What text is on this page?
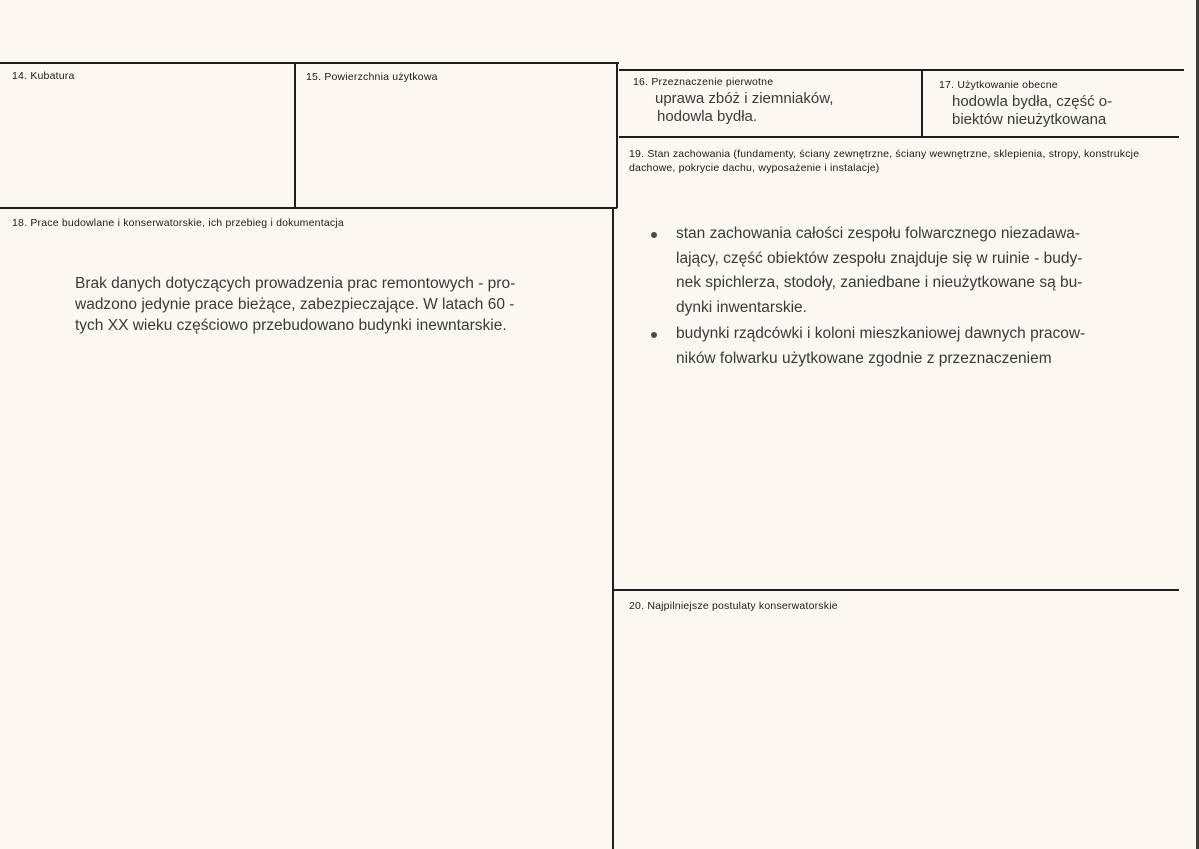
14. Kubatura	15. Powierzchnia użytkowa	16. Przeznaczenie pierwotne
uprawa zbóż i ziemniaków,
hodowla bydła.
17. Użytkowanie obecne
hodowla bydła, część o-
biektów nieużytkowana
19. Stan zachowania (fundamenty, ściany zewnętrzne, ściany wewnętrzne, sklepienia, stropy, konstrukcje dachowe, pokrycie dachu, wyposażenie i instalacje)
stan zachowania całości zespołu folwarcznego niezadawa-
lający, część obiektów zespołu znajduje się w ruinie - budy-
nek spichlerza, stodoły, zaniedbane i nieużytkowane są bu-
dynki inwentarskie.
budynki rządcówki i koloni mieszkaniowej dawnych pracow-
ników folwarku użytkowane zgodnie z przeznaczeniem
18. Prace budowlane i konserwatorskie, ich przebieg i dokumentacja
Brak danych dotyczących prowadzenia prac remontowych - pro-
wadzono jedynie prace bieżące, zabezpieczające. W latach 60 -
tych XX wieku częściowo przebudowano budynki inewntarskie.
20. Najpilniejsze postulaty konserwatorskie
